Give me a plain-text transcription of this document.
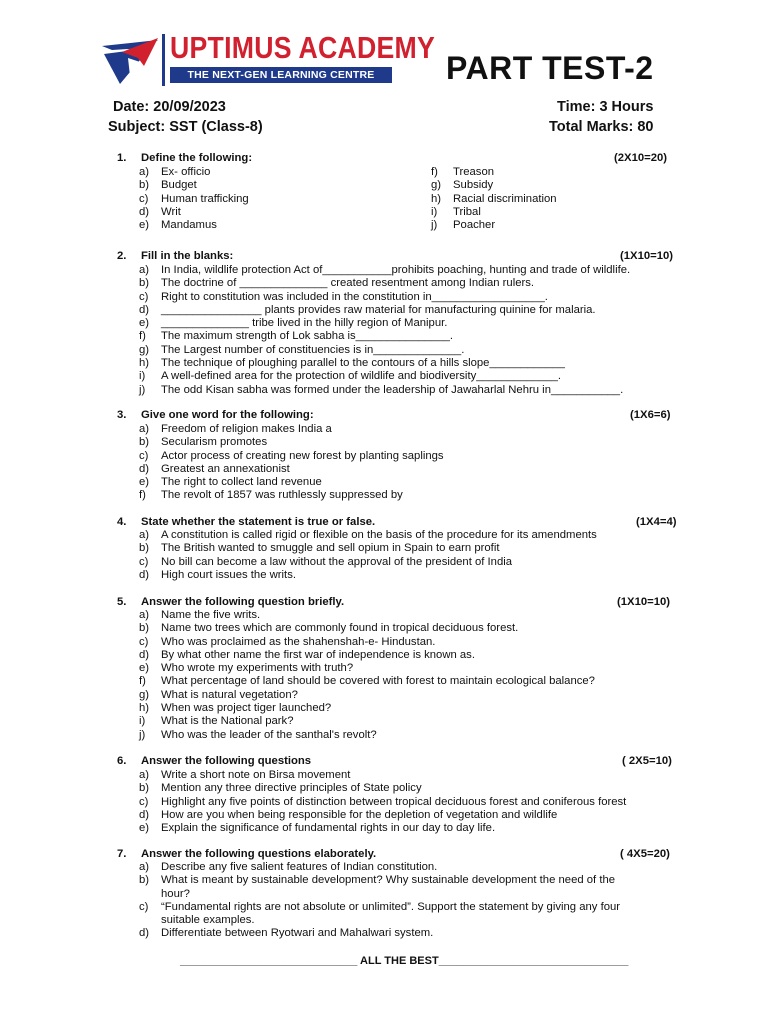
UPTIMUS ACADEMY
THE NEXT-GEN LEARNING CENTRE	PART TEST-2
Date: 20/09/2023	Time: 3 Hours
Subject: SST (Class-8)	Total Marks: 80
1. Define the following:	(2X10=20)
a) Ex- officio
b) Budget
c) Human trafficking
d) Writ
e) Mandamus
f) Treason
g) Subsidy
h) Racial discrimination
i) Tribal
j) Poacher
2. Fill in the blanks:	(1X10=10)
a) In India, wildlife protection Act of___________prohibits poaching, hunting and trade of wildlife.
b) The doctrine of ______________ created resentment among Indian rulers.
c) Right to constitution was included in the constitution in__________________.
d) ________________ plants provides raw material for manufacturing quinine for malaria.
e) ______________ tribe lived in the hilly region of Manipur.
f) The maximum strength of Lok sabha is_______________.
g) The Largest number of constituencies is in______________.
h) The technique of ploughing parallel to the contours of a hills slope____________
i) A well-defined area for the protection of wildlife and biodiversity_____________.
j) The odd Kisan sabha was formed under the leadership of Jawaharlal Nehru in___________.
3. Give one word for the following:	(1X6=6)
a) Freedom of religion makes India a
b) Secularism promotes
c) Actor process of creating new forest by planting saplings
d) Greatest an annexationist
e) The right to collect land revenue
f) The revolt of 1857 was ruthlessly suppressed by
4. State whether the statement is true or false.	(1X4=4)
a) A constitution is called rigid or flexible on the basis of the procedure for its amendments
b) The British wanted to smuggle and sell opium in Spain to earn profit
c) No bill can become a law without the approval of the president of India
d) High court issues the writs.
5. Answer the following question briefly.	(1X10=10)
a) Name the five writs.
b) Name two trees which are commonly found in tropical deciduous forest.
c) Who was proclaimed as the shahenshah-e- Hindustan.
d) By what other name the first war of independence is known as.
e) Who wrote my experiments with truth?
f) What percentage of land should be covered with forest to maintain ecological balance?
g) What is natural vegetation?
h) When was project tiger launched?
i) What is the National park?
j) Who was the leader of the santhal's revolt?
6. Answer the following questions	( 2X5=10)
a) Write a short note on Birsa movement
b) Mention any three directive principles of State policy
c) Highlight any five points of distinction between tropical deciduous forest and coniferous forest
d) How are you when being responsible for the depletion of vegetation and wildlife
e) Explain the significance of fundamental rights in our day to day life.
7. Answer the following questions elaborately.	( 4X5=20)
a) Describe any five salient features of Indian constitution.
b) What is meant by sustainable development? Why sustainable development the need of the
hour?
c) “Fundamental rights are not absolute or unlimited”. Support the statement by giving any four
suitable examples.
d) Differentiate between Ryotwari and Mahalwari system.
_____________________________ ALL THE BEST_______________________________
